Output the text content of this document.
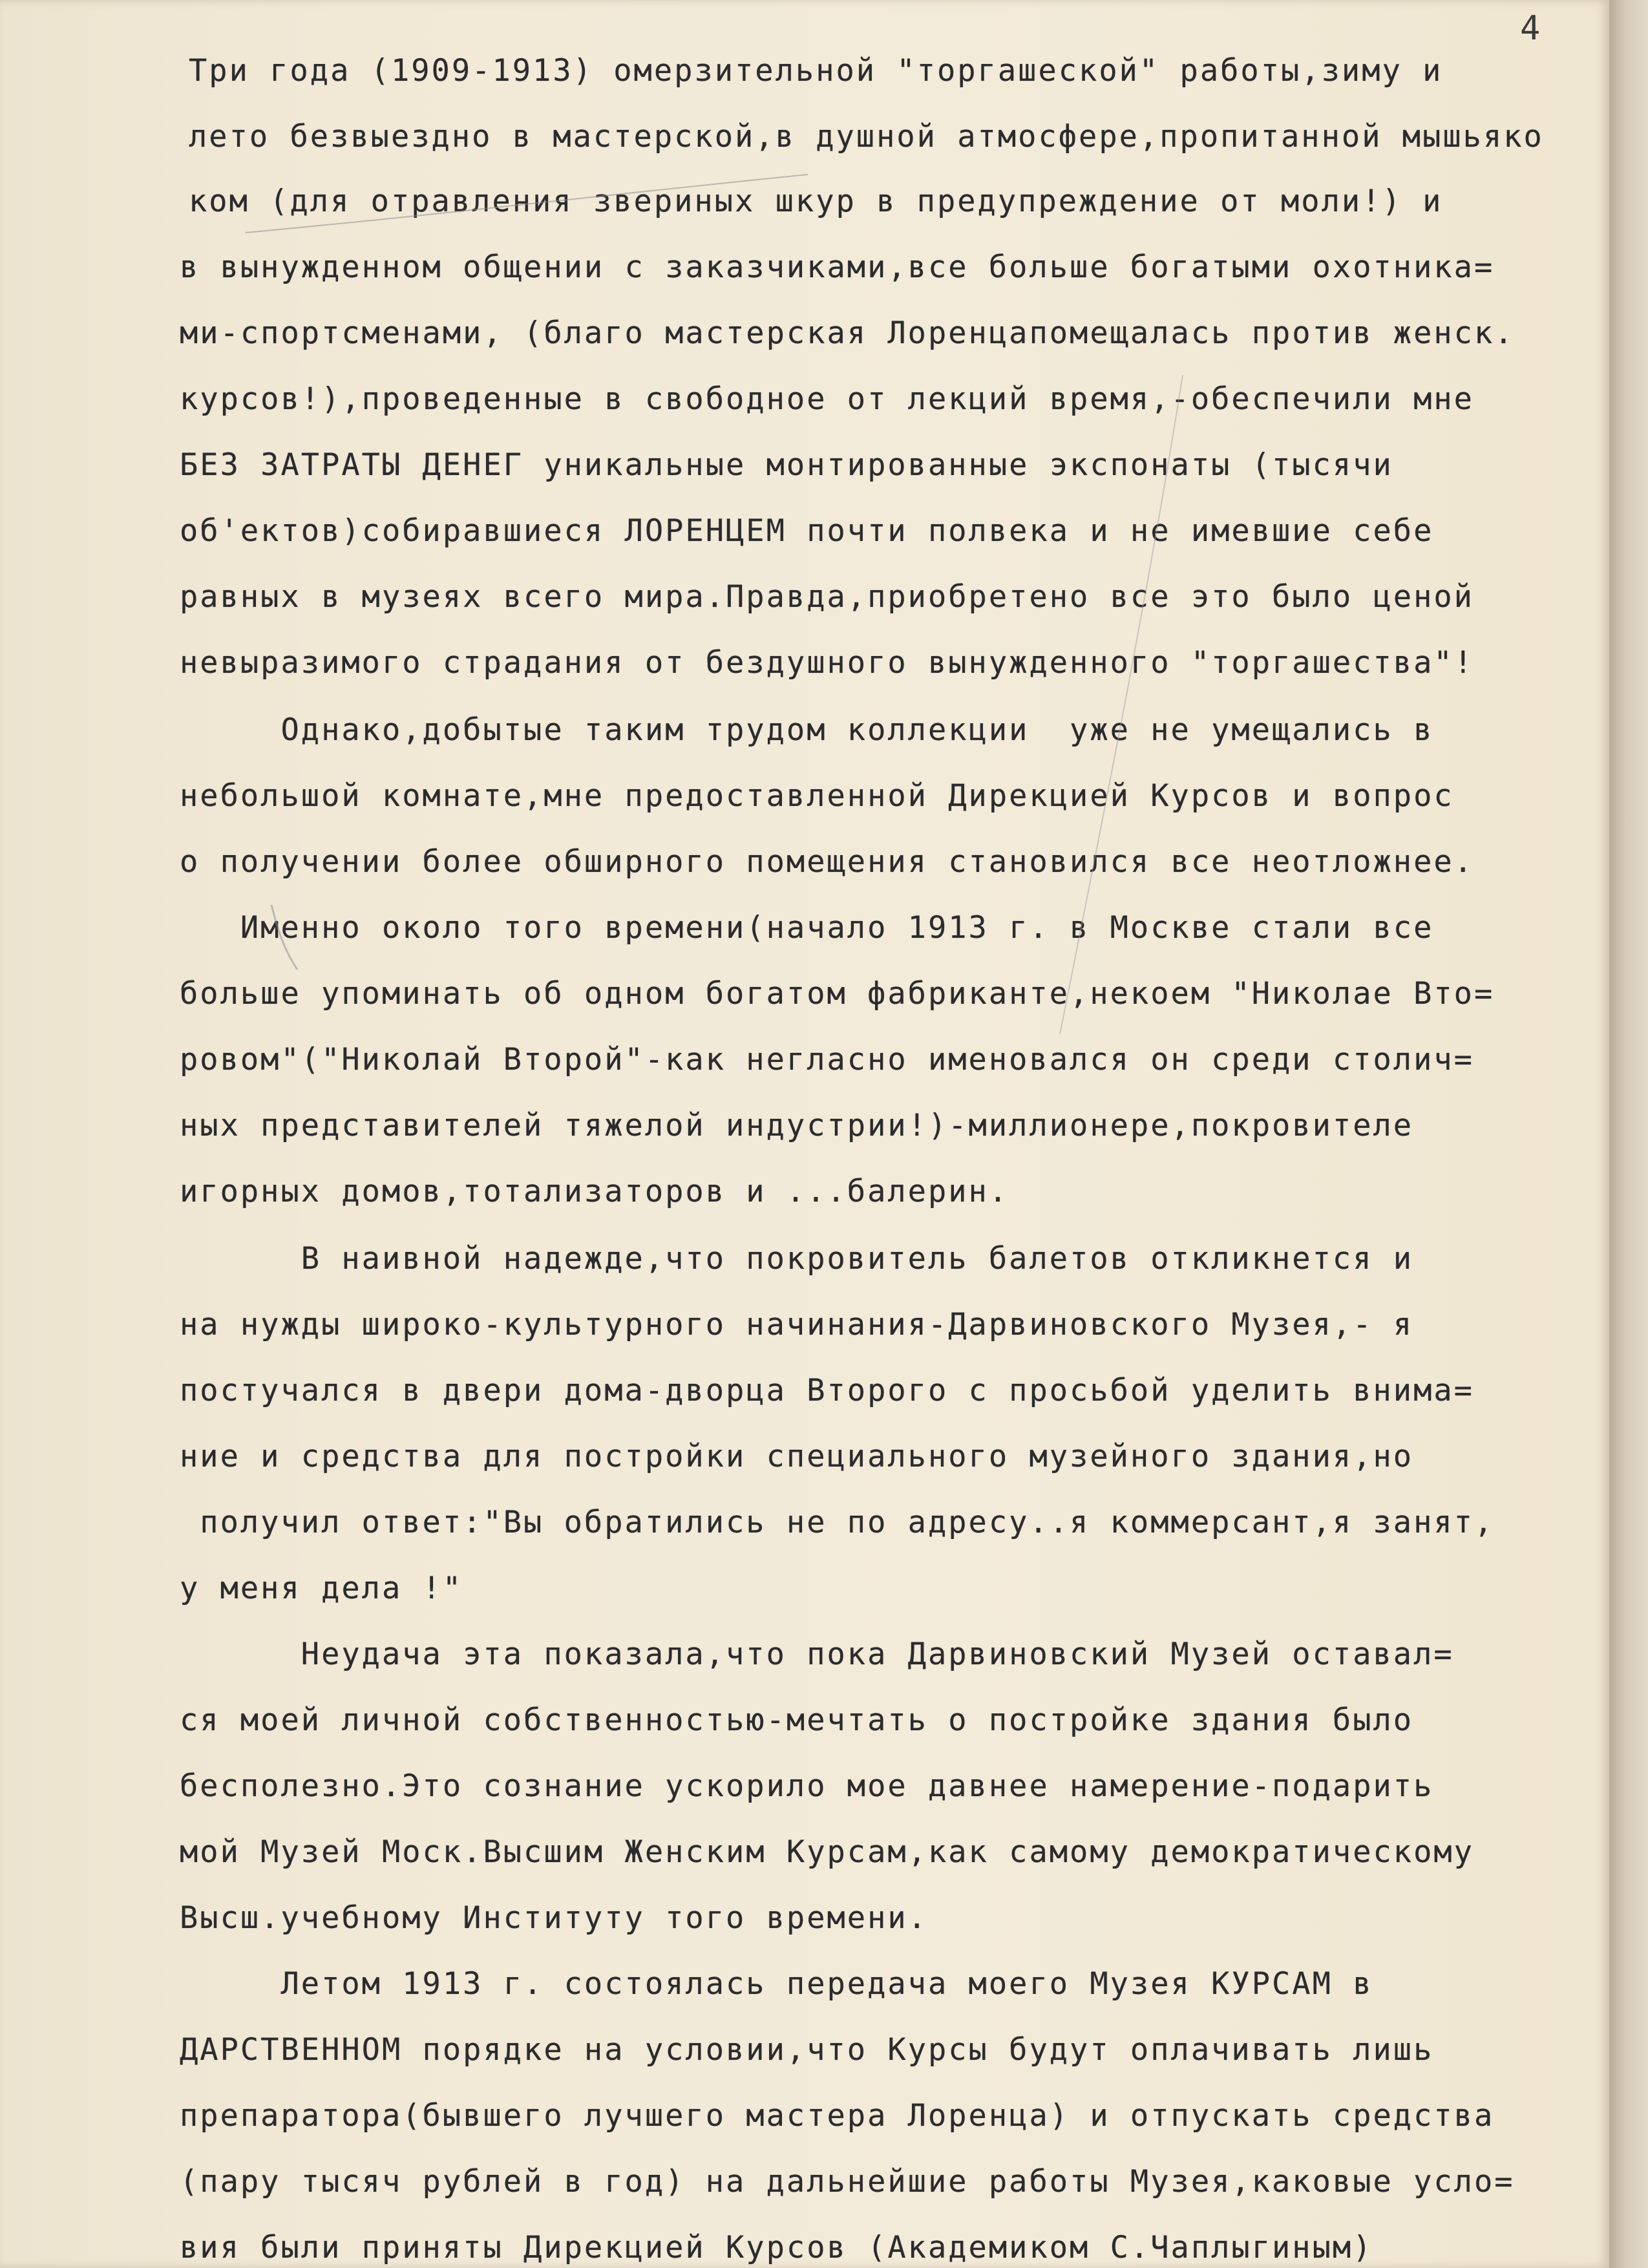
4
Три года (1909-1913) омерзительной "торгашеской" работы,зиму и
лето безвыездно в мастерской,в душной атмосфере,пропитанной мышьяко
ком (для отравления звериных шкур в предупреждение от моли!) и
в вынужденном общении с заказчиками,все больше богатыми охотника=
ми-спортсменами, (благо мастерская Лоренцапомещалась против женск.
курсов!),проведенные в свободное от лекций время,-обеспечили мне
БЕЗ ЗАТРАТЫ ДЕНЕГ уникальные монтированные экспонаты (тысячи
об'ектов)собиравшиеся ЛОРЕНЦЕМ почти полвека и не имевшие себе
равных в музеях всего мира.Правда,приобретено все это было ценой
невыразимого страдания от бездушного вынужденного "торгашества"!
Однако,добытые таким трудом коллекции  уже не умещались в
небольшой комнате,мне предоставленной Дирекцией Курсов и вопрос
о получении более обширного помещения становился все неотложнее.
Именно около того времени(начало 1913 г. в Москве стали все
больше упоминать об одном богатом фабриканте,некоем "Николае Вто=
ровом"("Николай Второй"-как негласно именовался он среди столич=
ных представителей тяжелой индустрии!)-миллионере,покровителе
игорных домов,тотализаторов и ...балерин.
В наивной надежде,что покровитель балетов откликнется и
на нужды широко-культурного начинания-Дарвиновского Музея,- я
постучался в двери дома-дворца Второго с просьбой уделить внима=
ние и средства для постройки специального музейного здания,но
получил ответ:"Вы обратились не по адресу..я коммерсант,я занят,
у меня дела !"
Неудача эта показала,что пока Дарвиновский Музей оставал=
ся моей личной собственностью-мечтать о постройке здания было
бесполезно.Это сознание ускорило мое давнее намерение-подарить
мой Музей Моск.Высшим Женским Курсам,как самому демократическому
Высш.учебному Институту того времени.
Летом 1913 г. состоялась передача моего Музея КУРСАМ в
ДАРСТВЕННОМ порядке на условии,что Курсы будут оплачивать лишь
препаратора(бывшего лучшего мастера Лоренца) и отпускать средства
(пару тысяч рублей в год) на дальнейшие работы Музея,каковые усло=
вия были приняты Дирекцией Курсов (Академиком С.Чаплыгиным)
